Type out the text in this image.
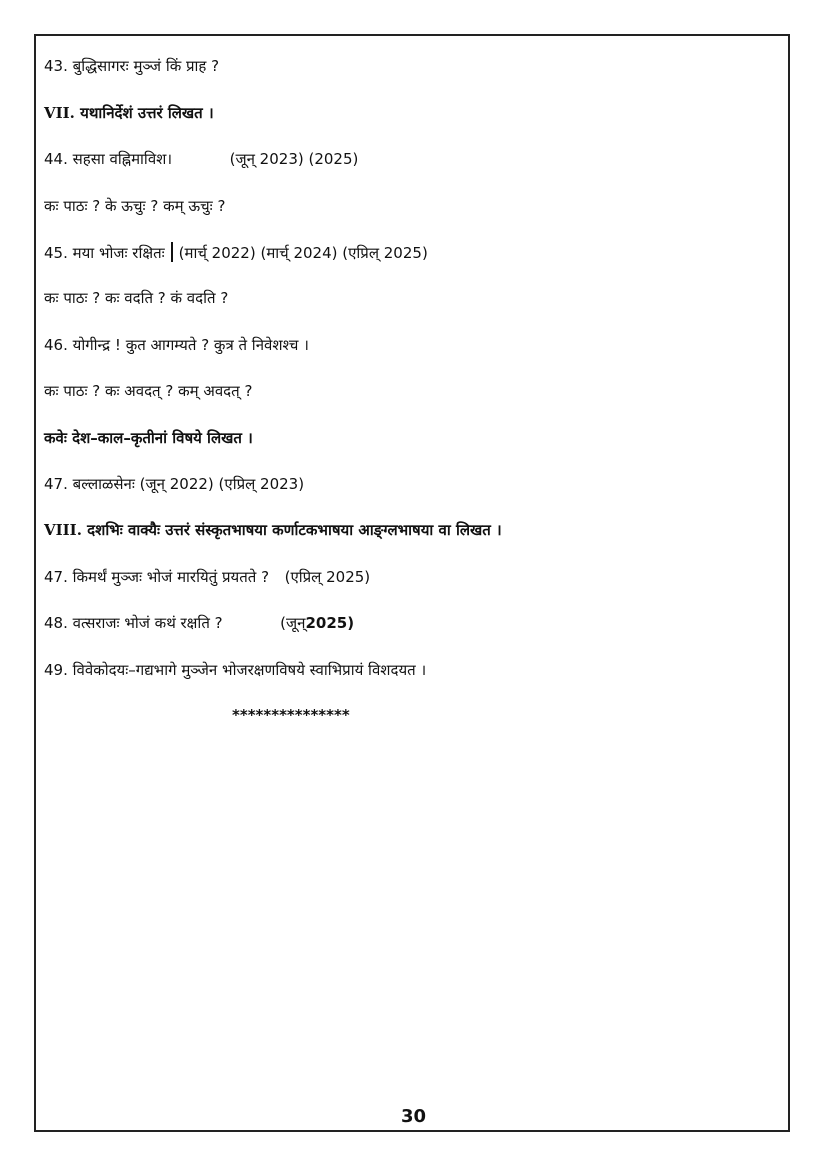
43. बुद्धिसागरः मुञ्जं किं प्राह ?
VII. यथानिर्देशं उत्तरं लिखत ।
44. सहसा वह्निमाविश।	(जून् 2023) (2025)
कः पाठः ? के ऊचुः ? कम् ऊचुः ?
45. मया भोजः रक्षितः (मार्च् 2022) (मार्च् 2024) (एप्रिल् 2025)
कः पाठः ? कः वदति ? कं वदति ?
46. योगीन्द्र ! कुत आगम्यते ? कुत्र ते निवेशश्च ।
कः पाठः ? कः अवदत् ? कम् अवदत् ?
कवेः देश–काल–कृतीनां विषये लिखत ।
47. बल्लाळसेनः (जून् 2022) (एप्रिल् 2023)
VIII. दशभिः वाक्यैः उत्तरं संस्कृतभाषया कर्णाटकभाषया आङ्ग्लभाषया वा लिखत ।
47. किमर्थं मुञ्जः भोजं मारयितुं प्रयतते ? (एप्रिल् 2025)
48. वत्सराजः भोजं कथं रक्षति ?	(जून्2025)
49. विवेकोदयः–गद्यभागे मुञ्जेन भोजरक्षणविषये स्वाभिप्रायं विशदयत ।
***************
30
